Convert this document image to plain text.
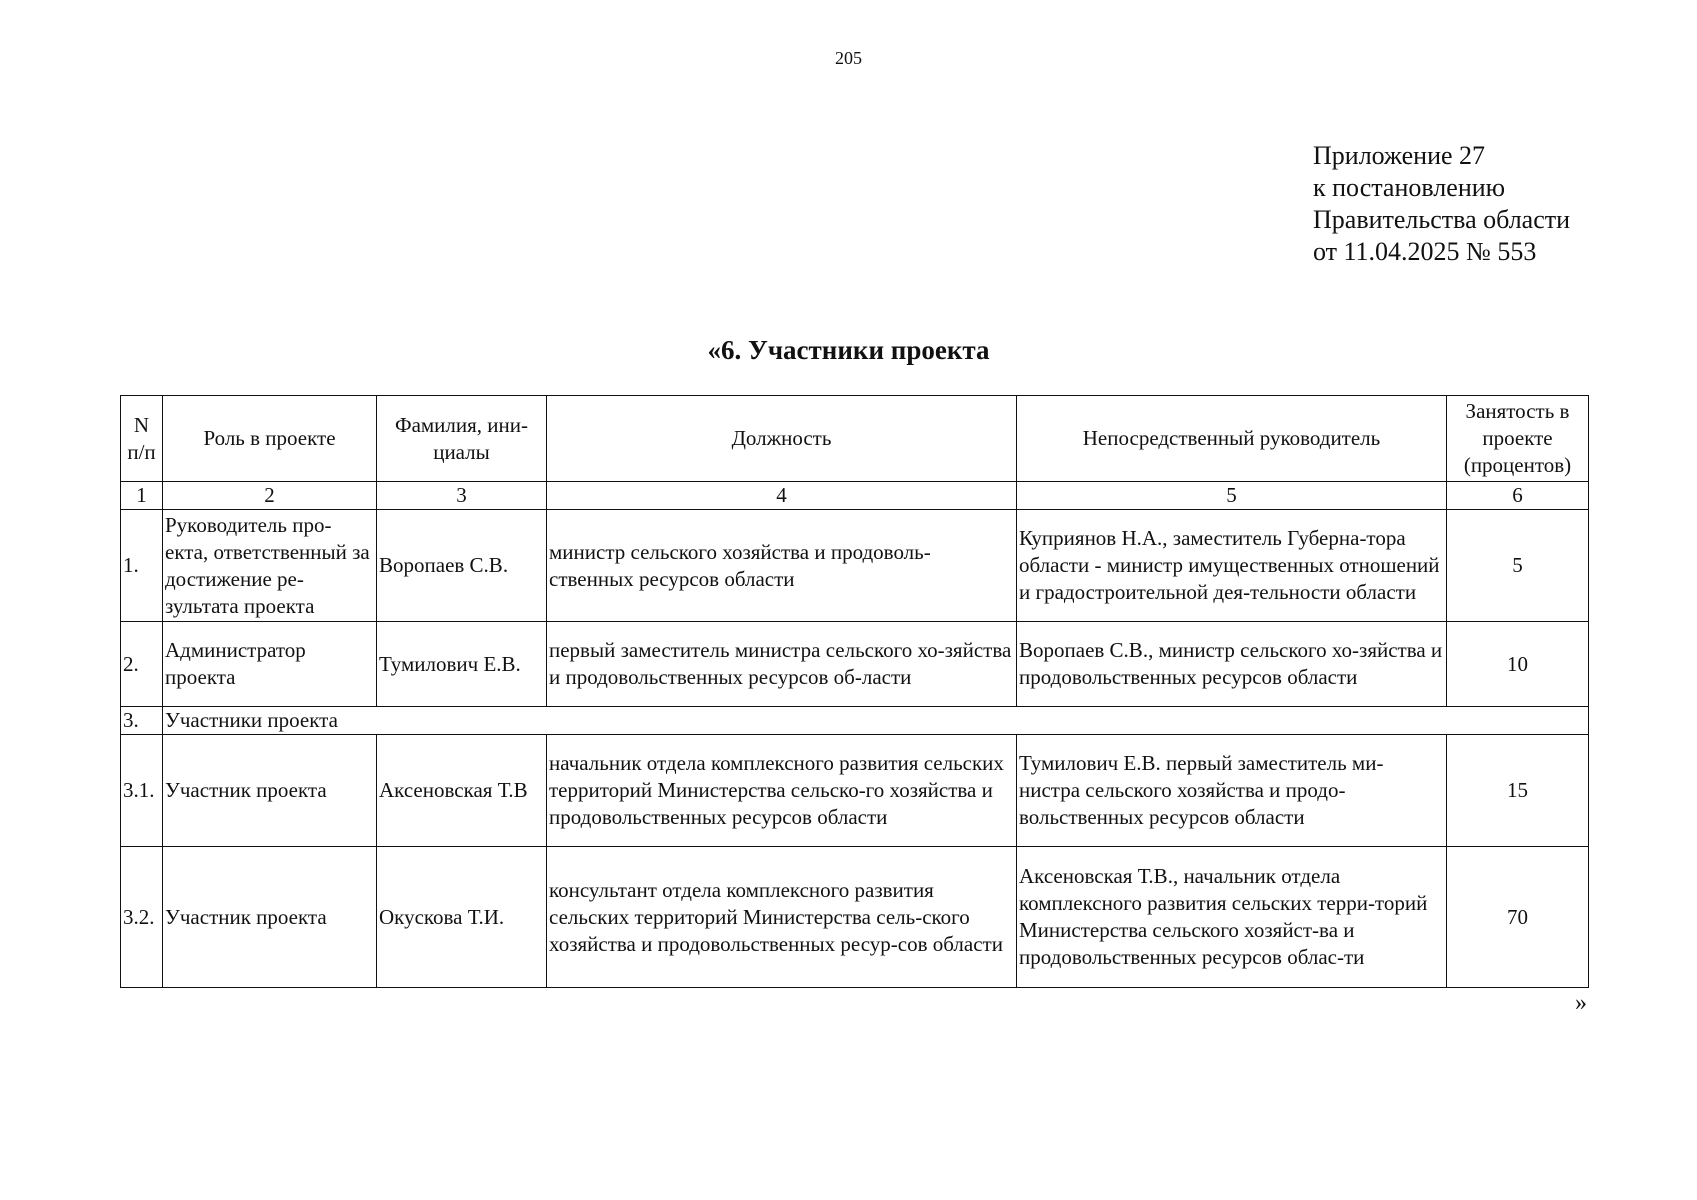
205
Приложение 27
к постановлению
Правительства области
от 11.04.2025 № 553
«6. Участники проекта
N п/п	Роль в проекте	Фамилия, ини-циалы	Должность	Непосредственный руководитель	Занятость в проекте (процентов)
1	2	3	4	5	6
1.	Руководитель про-екта, ответственный за достижение ре-зультата проекта	Воропаев С.В.	министр сельского хозяйства и продоволь-ственных ресурсов области	Куприянов Н.А., заместитель Губерна-тора области - министр имущественных отношений и градостроительной дея-тельности области	5
2.	Администратор проекта	Тумилович Е.В.	первый заместитель министра сельского хо-зяйства и продовольственных ресурсов об-ласти	Воропаев С.В., министр сельского хо-зяйства и продовольственных ресурсов области	10
3.	Участники проекта				
3.1.	Участник проекта	Аксеновская Т.В	начальник отдела комплексного развития сельских территорий Министерства сельско-го хозяйства и продовольственных ресурсов области	Тумилович Е.В. первый заместитель ми-нистра сельского хозяйства и продо-вольственных ресурсов области	15
3.2.	Участник проекта	Окускова Т.И.	консультант отдела комплексного развития сельских территорий Министерства сель-ского хозяйства и продовольственных ресур-сов области	Аксеновская Т.В., начальник отдела комплексного развития сельских терри-торий Министерства сельского хозяйст-ва и продовольственных ресурсов облас-ти	70
»
